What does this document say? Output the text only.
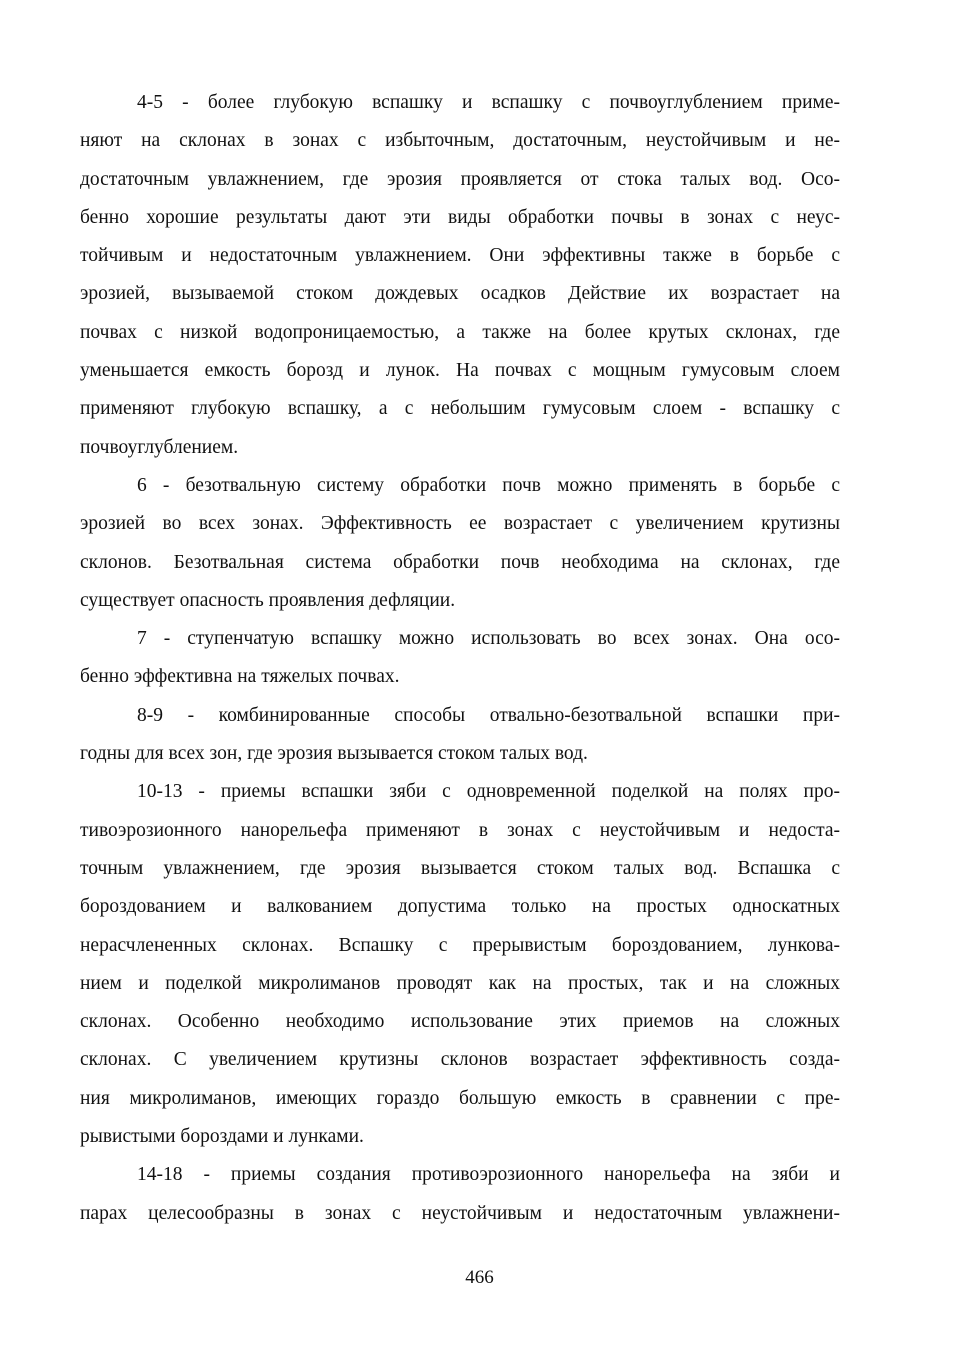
4-5 - более глубокую вспашку и вспашку с почвоуглублением приме-
няют на склонах в зонах с избыточным, достаточным, неустойчивым и не-
достаточным увлажнением, где эрозия проявляется от стока талых вод. Осо-
бенно хорошие результаты дают эти виды обработки почвы в зонах с неус-
тойчивым и недостаточным увлажнением. Они эффективны также в борьбе с
эрозией, вызываемой стоком дождевых осадков Действие их возрастает на
почвах с низкой водопроницаемостью, а также на более крутых склонах, где
уменьшается емкость борозд и лунок. На почвах с мощным гумусовым слоем
применяют глубокую вспашку, а с небольшим гумусовым слоем - вспашку с
почвоуглублением.
6 - безотвальную систему обработки почв можно применять в борьбе с
эрозией во всех зонах. Эффективность ее возрастает с увеличением крутизны
склонов. Безотвальная система обработки почв необходима на склонах, где
существует опасность проявления дефляции.
7 - ступенчатую вспашку можно использовать во всех зонах. Она осо-
бенно эффективна на тяжелых почвах.
8-9 - комбинированные способы отвально-безотвальной вспашки при-
годны для всех зон, где эрозия вызывается стоком талых вод.
10-13 - приемы вспашки зяби с одновременной поделкой на полях про-
тивоэрозионного нанорельефа применяют в зонах с неустойчивым и недоста-
точным увлажнением, где эрозия вызывается стоком талых вод. Вспашка с
бороздованием и валкованием допустима только на простых односкатных
нерасчлененных склонах. Вспашку с прерывистым бороздованием, лункова-
нием и поделкой микролиманов проводят как на простых, так и на сложных
склонах. Особенно необходимо использование этих приемов на сложных
склонах. С увеличением крутизны склонов возрастает эффективность созда-
ния микролиманов, имеющих гораздо большую емкость в сравнении с пре-
рывистыми бороздами и лунками.
14-18 - приемы создания противоэрозионного нанорельефа на зяби и
парах целесообразны в зонах с неустойчивым и недостаточным увлажнени-
466
